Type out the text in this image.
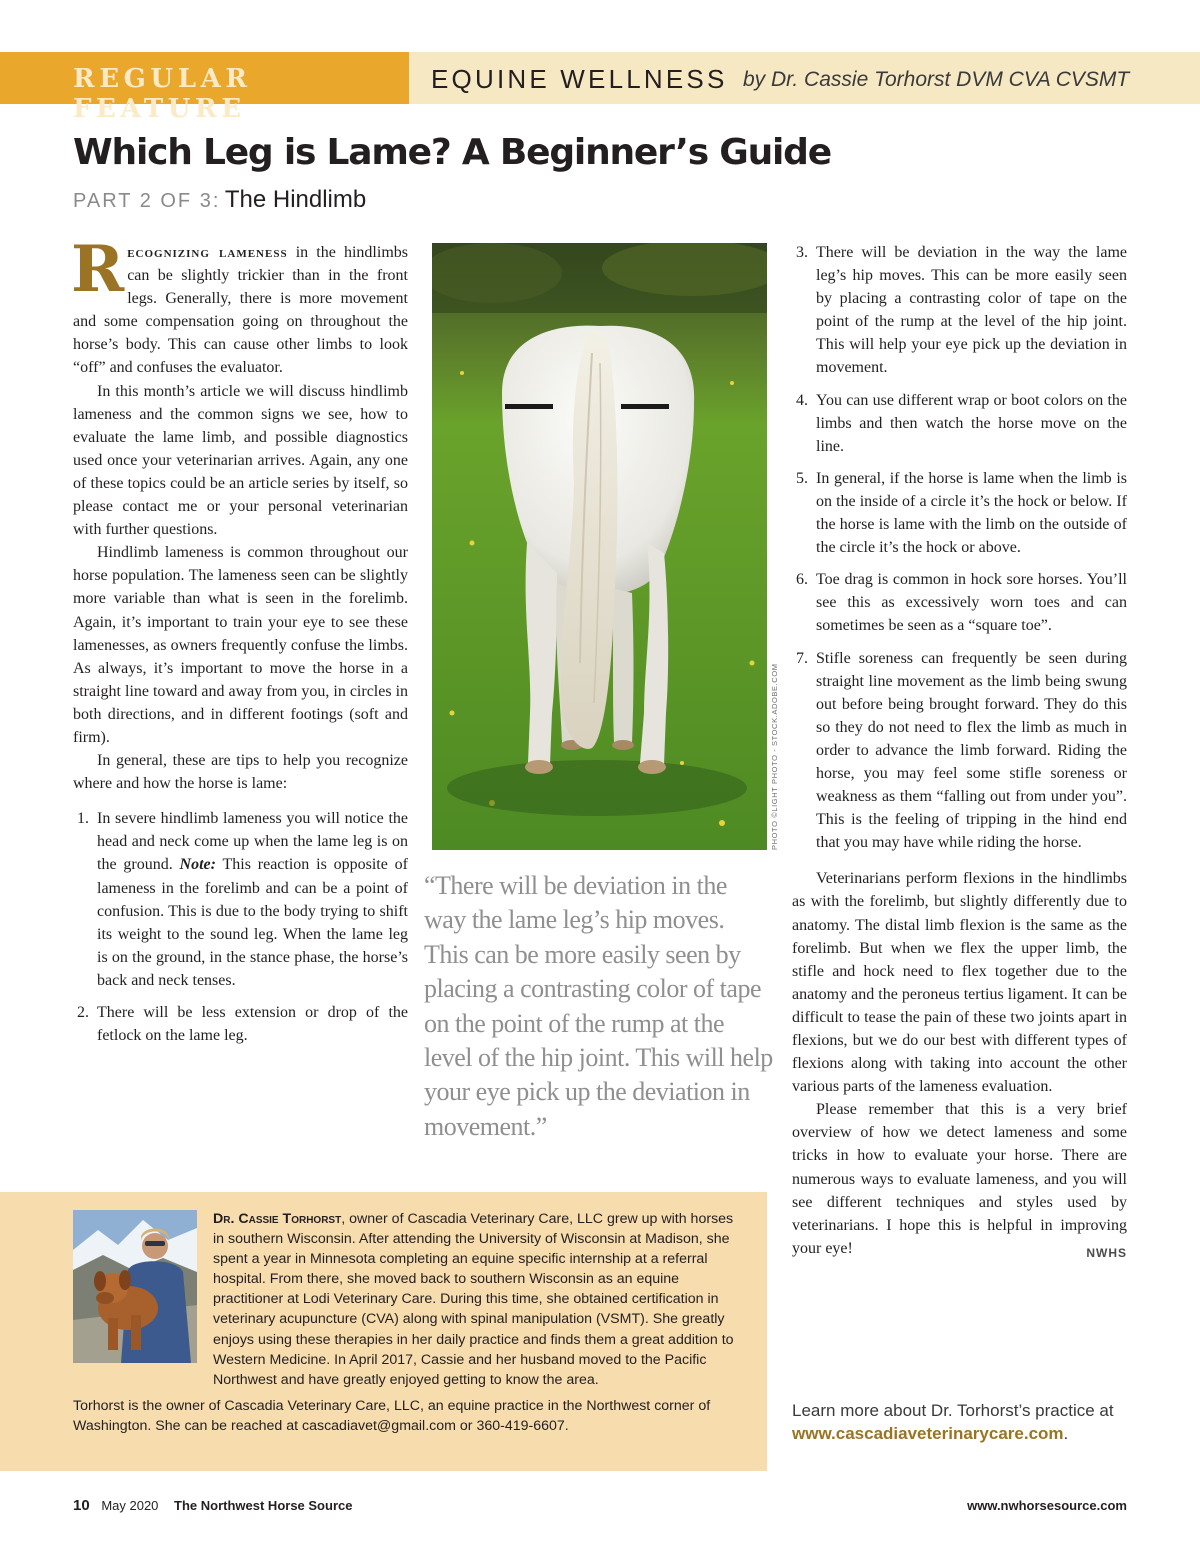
REGULAR FEATURE
EQUINE WELLNESS by Dr. Cassie Torhorst DVM CVA CVSMT
Which Leg is Lame? A Beginner’s Guide
PART 2 OF 3: The Hindlimb

Recognizing lameness in the hindlimbs can be slightly trickier than in the front legs. Generally, there is more movement and some compensation going on throughout the horse’s body. This can cause other limbs to look “off” and confuses the evaluator.

In this month’s article we will discuss hindlimb lameness and the common signs we see, how to evaluate the lame limb, and possible diagnostics used once your veterinarian arrives. Again, any one of these topics could be an article series by itself, so please contact me or your personal veterinarian with further questions.

Hindlimb lameness is common throughout our horse population. The lameness seen can be slightly more variable than what is seen in the forelimb. Again, it’s important to train your eye to see these lamenesses, as owners frequently confuse the limbs. As always, it’s important to move the horse in a straight line toward and away from you, in circles in both directions, and in different footings (soft and firm).

In general, these are tips to help you recognize where and how the horse is lame:

1. In severe hindlimb lameness you will notice the head and neck come up when the lame leg is on the ground. Note: This reaction is opposite of lameness in the forelimb and can be a point of confusion. This is due to the body trying to shift its weight to the sound leg. When the lame leg is on the ground, in the stance phase, the horse’s back and neck tenses.
2. There will be less extension or drop of the fetlock on the lame leg.
PHOTO ©LIGHT PHOTO - STOCK.ADOBE.COM
“There will be deviation in the way the lame leg’s hip moves. This can be more easily seen by placing a contrasting color of tape on the point of the rump at the level of the hip joint. This will help your eye pick up the deviation in movement.”
3. There will be deviation in the way the lame leg’s hip moves. This can be more easily seen by placing a contrasting color of tape on the point of the rump at the level of the hip joint. This will help your eye pick up the deviation in movement.
4. You can use different wrap or boot colors on the limbs and then watch the horse move on the line.
5. In general, if the horse is lame when the limb is on the inside of a circle it’s the hock or below. If the horse is lame with the limb on the outside of the circle it’s the hock or above.
6. Toe drag is common in hock sore horses. You’ll see this as excessively worn toes and can sometimes be seen as a “square toe”.
7. Stifle soreness can frequently be seen during straight line movement as the limb being swung out before being brought forward. They do this so they do not need to flex the limb as much in order to advance the limb forward. Riding the horse, you may feel some stifle soreness or weakness as them “falling out from under you”. This is the feeling of tripping in the hind end that you may have while riding the horse.

Veterinarians perform flexions in the hindlimbs as with the forelimb, but slightly differently due to anatomy. The distal limb flexion is the same as the forelimb. But when we flex the upper limb, the stifle and hock need to flex together due to the anatomy and the peroneus tertius ligament. It can be difficult to tease the pain of these two joints apart in flexions, but we do our best with different types of flexions along with taking into account the other various parts of the lameness evaluation.

Please remember that this is a very brief overview of how we detect lameness and some tricks in how to evaluate your horse. There are numerous ways to evaluate lameness, and you will see different techniques and styles used by veterinarians. I hope this is helpful in improving your eye!	NWHS

Learn more about Dr. Torhorst’s practice at www.cascadiaveterinarycare.com.

Dr. Cassie Torhorst, owner of Cascadia Veterinary Care, LLC grew up with horses in southern Wisconsin. After attending the University of Wisconsin at Madison, she spent a year in Minnesota completing an equine specific internship at a referral hospital. From there, she moved back to southern Wisconsin as an equine practitioner at Lodi Veterinary Care. During this time, she obtained certification in veterinary acupuncture (CVA) along with spinal manipulation (VSMT). She greatly enjoys using these therapies in her daily practice and finds them a great addition to Western Medicine. In April 2017, Cassie and her husband moved to the Pacific Northwest and have greatly enjoyed getting to know the area.

Torhorst is the owner of Cascadia Veterinary Care, LLC, an equine practice in the Northwest corner of Washington. She can be reached at cascadiavet@gmail.com or 360-419-6607.

10 May 2020 The Northwest Horse Source	www.nwhorsesource.com
